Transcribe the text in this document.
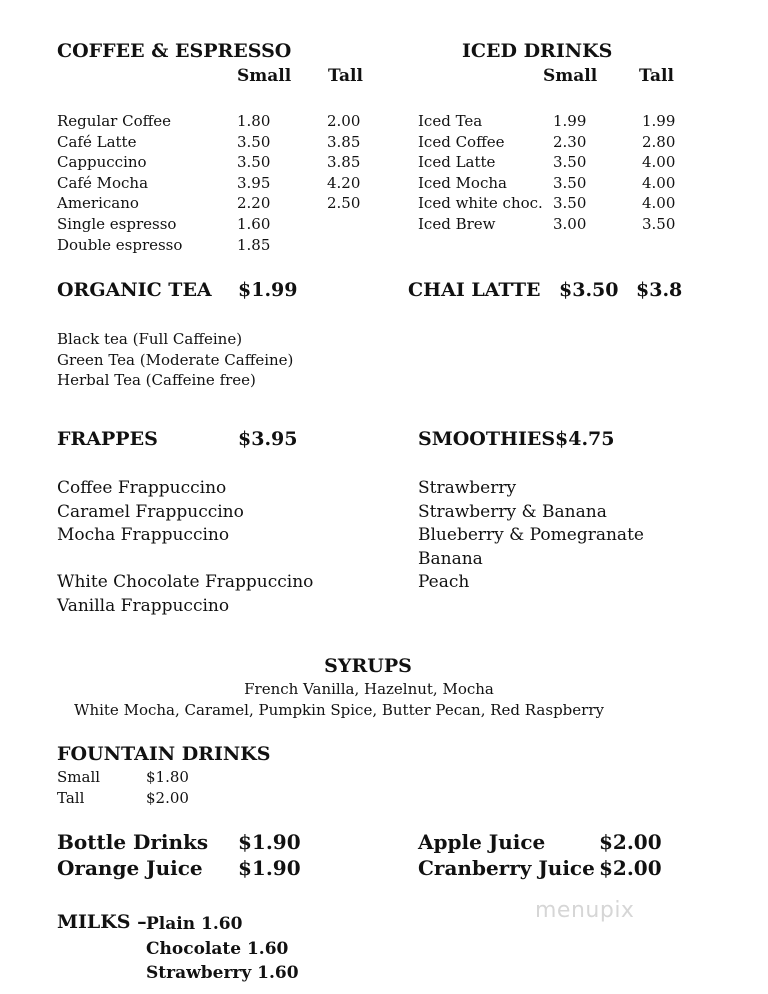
COFFEE & ESPRESSO
Small Tall
Regular Coffee	1.80	2.00
Café Latte	3.50	3.85
Cappuccino	3.50	3.85
Café Mocha	3.95	4.20
Americano	2.20	2.50
Single espresso	1.60
Double espresso	1.85
ICED DRINKS
Small Tall
Iced Tea	1.99	1.99
Iced Coffee	2.30	2.80
Iced Latte	3.50	4.00
Iced Mocha	3.50	4.00
Iced white choc. 3.50	4.00
Iced Brew	3.00	3.50
ORGANIC TEA $1.99	CHAI LATTE $3.50 $3.8
Black tea (Full Caffeine)
Green Tea (Moderate Caffeine)
Herbal Tea (Caffeine free)
FRAPPES	$3.95
Coffee Frappuccino
Caramel Frappuccino
Mocha Frappuccino
White Chocolate Frappuccino
Vanilla Frappuccino
SMOOTHIES $4.75
Strawberry
Strawberry & Banana
Blueberry & Pomegranate
Banana
Peach
SYRUPS
French Vanilla, Hazelnut, Mocha
White Mocha, Caramel, Pumpkin Spice, Butter Pecan, Red Raspberry
FOUNTAIN DRINKS
Small	$1.80
Tall	$2.00
Bottle Drinks $1.90
Orange Juice $1.90
Apple Juice	$2.00
Cranberry Juice $2.00
menupix
MILKS – Plain 1.60
Chocolate 1.60
Strawberry 1.60
